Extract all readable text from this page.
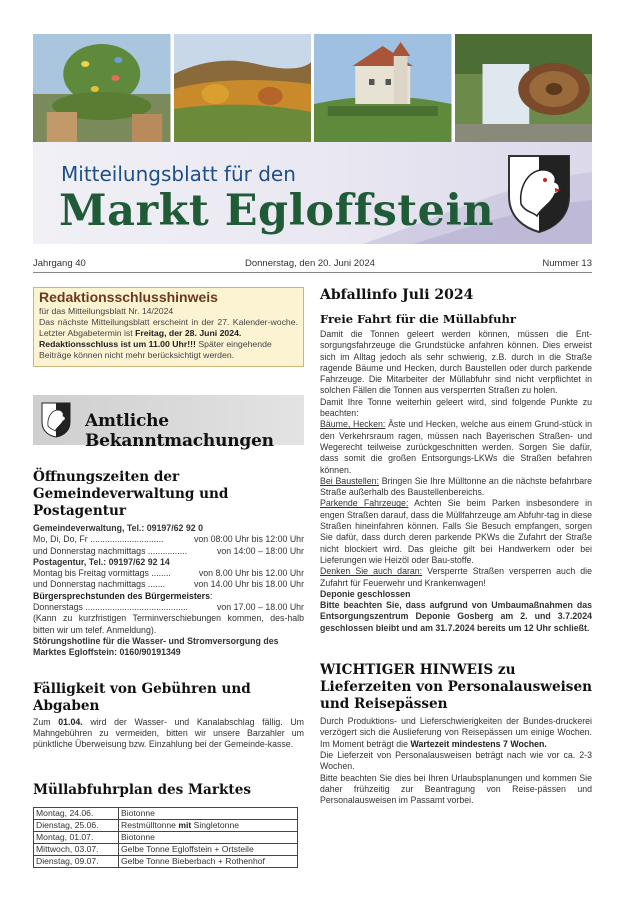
Mitteilungsblatt für den
Markt Egloffstein
Jahrgang 40	Donnerstag, den 20. Juni 2024	Nummer 13
Redaktionsschlusshinweis
für das Mitteilungsblatt Nr. 14/2024
Das nächste Mitteilungsblatt erscheint in der 27. Kalender-woche. Letzter Abgabetermin ist Freitag, der 28. Juni 2024.
Redaktionsschluss ist um 11.00 Uhr!!! Später eingehende Beiträge können nicht mehr berücksichtigt werden.
Amtliche Bekanntmachungen
Öffnungszeiten der Gemeindeverwaltung und Postagentur
Gemeindeverwaltung, Tel.: 09197/62 92 0
Mo, Di, Do, Fr ..............................	von 08:00 Uhr bis 12:00 Uhr
und Donnerstag nachmittags ................	von 14:00 – 18:00 Uhr
Postagentur, Tel.: 09197/62 92 14
Montag bis Freitag vormittags ........	von 8.00 Uhr bis 12.00 Uhr
und Donnerstag nachmittags .......	von 14.00 Uhr bis 18.00 Uhr
Bürgersprechstunden des Bürgermeisters:
Donnerstags ..........................................	von 17.00 – 18.00 Uhr
(Kann zu kurzfristigen Terminverschiebungen kommen, des-halb bitten wir um telef. Anmeldung).
Störungshotline für die Wasser- und Stromversorgung des Marktes Egloffstein: 0160/90191349
Fälligkeit von Gebühren und Abgaben
Zum 01.04. wird der Wasser- und Kanalabschlag fällig. Um Mahngebühren zu vermeiden, bitten wir unsere Barzahler um pünktliche Überweisung bzw. Einzahlung bei der Gemeinde-kasse.
Müllabfuhrplan des Marktes
Montag, 24.06.	Biotonne
Dienstag, 25.06.	Restmülltonne mit Singletonne
Montag, 01.07.	Biotonne
Mittwoch, 03.07.	Gelbe Tonne Egloffstein + Ortsteile
Dienstag, 09.07.	Gelbe Tonne Bieberbach + Rothenhof
Abfallinfo Juli 2024
Freie Fahrt für die Müllabfuhr
Damit die Tonnen geleert werden können, müssen die Ent-sorgungsfahrzeuge die Grundstücke anfahren können. Dies erweist sich im Alltag jedoch als sehr schwierig, z.B. durch in die Straße ragende Bäume und Hecken, durch Baustellen oder durch parkende Fahrzeuge. Die Mitarbeiter der Müllabfuhr sind nicht verpflichtet in solchen Fällen die Tonnen aus versperrten Straßen zu holen.
Damit Ihre Tonne weiterhin geleert wird, sind folgende Punkte zu beachten:
Bäume, Hecken: Äste und Hecken, welche aus einem Grund-stück in den Verkehrsraum ragen, müssen nach Bayerischen Straßen- und Wegerecht teilweise zurückgeschnitten werden. Sorgen Sie dafür, dass somit die großen Entsorgungs-LKWs die Straßen befahren können.
Bei Baustellen: Bringen Sie Ihre Mülltonne an die nächste befahrbare Straße außerhalb des Baustellenbereichs.
Parkende Fahrzeuge: Achten Sie beim Parken insbesondere in engen Straßen darauf, dass die Müllfahrzeuge am Abfuhr-tag in diese Straßen hineinfahren können. Falls Sie Besuch empfangen, sorgen Sie dafür, dass durch deren parkende PKWs die Zufahrt der Straße nicht blockiert wird. Das gleiche gilt bei Handwerkern oder bei Lieferungen wie Heizöl oder Bau-stoffe.
Denken Sie auch daran: Versperrte Straßen versperren auch die Zufahrt für Feuerwehr und Krankenwagen!
Deponie geschlossen
Bitte beachten Sie, dass aufgrund von Umbaumaßnahmen das Entsorgungszentrum Deponie Gosberg am 2. und 3.7.2024 geschlossen bleibt und am 31.7.2024 bereits um 12 Uhr schließt.
WICHTIGER HINWEIS zu Lieferzeiten von Personalausweisen und Reisepässen
Durch Produktions- und Lieferschwierigkeiten der Bundes-druckerei verzögert sich die Auslieferung von Reisepässen um einige Wochen. Im Moment beträgt die Wartezeit mindestens 7 Wochen.
Die Lieferzeit von Personalausweisen beträgt nach wie vor ca. 2-3 Wochen.
Bitte beachten Sie dies bei Ihren Urlaubsplanungen und kommen Sie daher frühzeitig zur Beantragung von Reise-pässen und Personalausweisen im Passamt vorbei.
